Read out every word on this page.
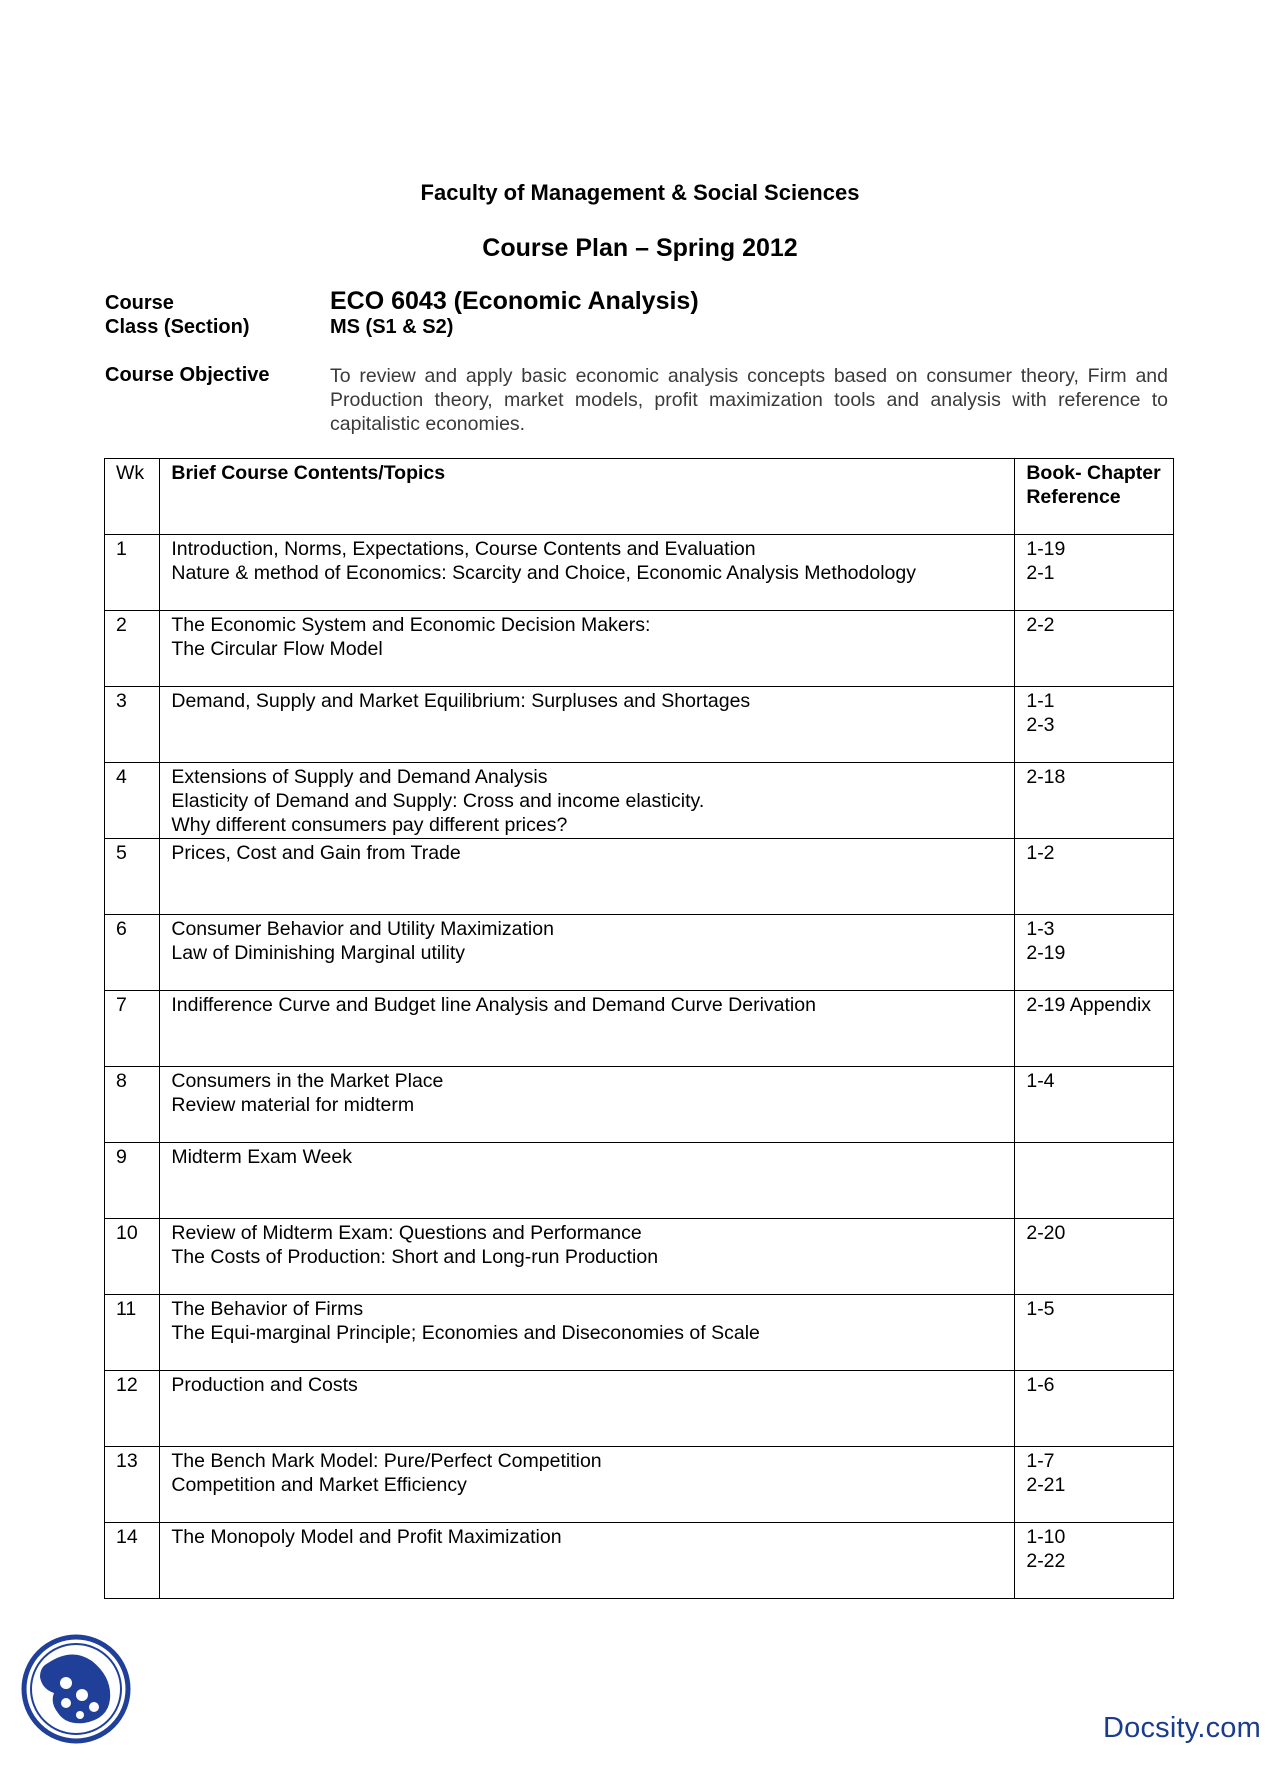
Faculty of Management & Social Sciences
Course Plan – Spring 2012
Course	ECO 6043 (Economic Analysis)
Class (Section)	MS (S1 & S2)
Course Objective	To review and apply basic economic analysis concepts based on consumer theory, Firm and Production theory, market models, profit maximization tools and analysis with reference to capitalistic economies.
Wk	Brief Course Contents/Topics	Book- Chapter
Reference

1	Introduction, Norms, Expectations, Course Contents and Evaluation
Nature & method of Economics: Scarcity and Choice, Economic Analysis Methodology	1-19
2-1

2	The Economic System and Economic Decision Makers:
The Circular Flow Model	2-2

3	Demand, Supply and Market Equilibrium: Surpluses and Shortages	1-1
2-3

4	Extensions of Supply and Demand Analysis
Elasticity of Demand and Supply: Cross and income elasticity.
Why different consumers pay different prices?	2-18

5	Prices, Cost and Gain from Trade	1-2

6	Consumer Behavior and Utility Maximization
Law of Diminishing Marginal utility	1-3
2-19

7	Indifference Curve and Budget line Analysis and Demand Curve Derivation	2-19 Appendix

8	Consumers in the Market Place
Review material for midterm	1-4

9	Midterm Exam Week	

10	Review of Midterm Exam: Questions and Performance
The Costs of Production: Short and Long-run Production	2-20

11	The Behavior of Firms
The Equi-marginal Principle; Economies and Diseconomies of Scale	1-5

12	Production and Costs	1-6

13	The Bench Mark Model: Pure/Perfect Competition
Competition and Market Efficiency	1-7
2-21

14	The Monopoly Model and Profit Maximization	1-10
2-22
Docsity.com
